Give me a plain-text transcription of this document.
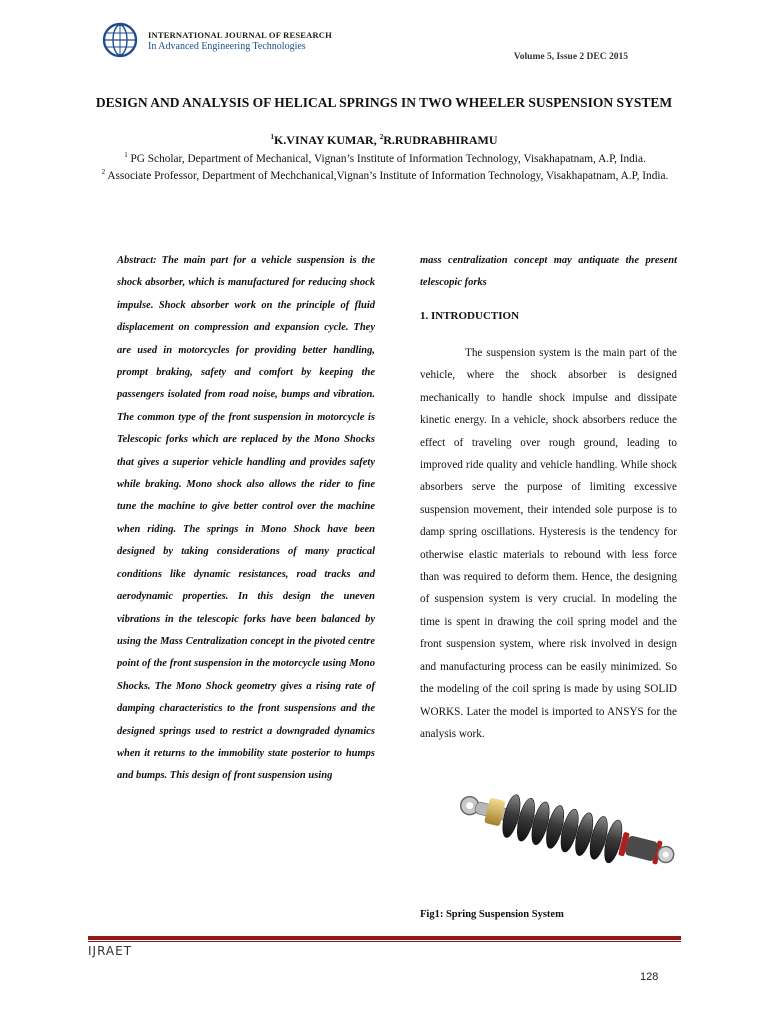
INTERNATIONAL JOURNAL OF RESEARCH
In Advanced Engineering Technologies
Volume 5, Issue 2 DEC 2015
DESIGN AND ANALYSIS OF HELICAL SPRINGS IN TWO WHEELER SUSPENSION SYSTEM
$^1$K.VINAY KUMAR, $^2$R.RUDRABHIRAMU
$^1$ PG Scholar, Department of Mechanical, Vignan’s Institute of Information Technology, Visakhapatnam, A.P, India.
$^2$ Associate Professor, Department of Mechchanical,Vignan’s Institute of Information Technology, Visakhapatnam, A.P, India.
Abstract: The main part for a vehicle suspension is the shock absorber, which is manufactured for reducing shock impulse. Shock absorber work on the principle of fluid displacement on compression and expansion cycle. They are used in motorcycles for providing better handling, prompt braking, safety and comfort by keeping the passengers isolated from road noise, bumps and vibration. The common type of the front suspension in motorcycle is Telescopic forks which are replaced by the Mono Shocks that gives a superior vehicle handling and provides safety while braking. Mono shock also allows the rider to fine tune the machine to give better control over the machine when riding. The springs in Mono Shock have been designed by taking considerations of many practical conditions like dynamic resistances, road tracks and aerodynamic properties. In this design the uneven vibrations in the telescopic forks have been balanced by using the Mass Centralization concept in the pivoted centre point of the front suspension in the motorcycle using Mono Shocks. The Mono Shock geometry gives a rising rate of damping characteristics to the front suspensions and the designed springs used to restrict a downgraded dynamics when it returns to the immobility state posterior to humps and bumps. This design of front suspension using
mass centralization concept may antiquate the present telescopic forks
1. INTRODUCTION

The suspension system is the main part of the vehicle, where the shock absorber is designed mechanically to handle shock impulse and dissipate kinetic energy. In a vehicle, shock absorbers reduce the effect of traveling over rough ground, leading to improved ride quality and vehicle handling. While shock absorbers serve the purpose of limiting excessive suspension movement, their intended sole purpose is to damp spring oscillations. Hysteresis is the tendency for otherwise elastic materials to rebound with less force than was required to deform them. Hence, the designing of suspension system is very crucial. In modeling the time is spent in drawing the coil spring model and the front suspension system, where risk involved in design and manufacturing process can be easily minimized. So the modeling of the coil spring is made by using SOLID WORKS. Later the model is imported to ANSYS for the analysis work.

Fig1: Spring Suspension System
IJRAET
128
